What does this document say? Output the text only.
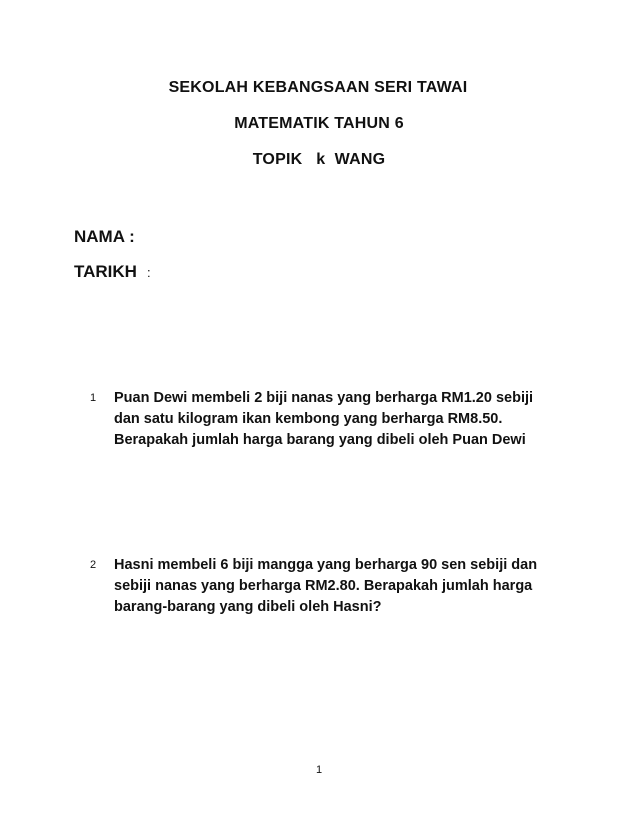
SEKOLAH KEBANGSAAN SERI TAWAI
MATEMATIK TAHUN 6
TOPIK   k  WANG
NAMA :
TARIKH :
1 Puan Dewi membeli 2 biji nanas yang berharga RM1.20 sebiji
dan satu kilogram ikan kembong yang berharga RM8.50.
Berapakah jumlah harga barang yang dibeli oleh Puan Dewi
2 Hasni membeli 6 biji mangga yang berharga 90 sen sebiji dan
sebiji nanas yang berharga RM2.80. Berapakah jumlah harga
barang-barang yang dibeli oleh Hasni?
1
